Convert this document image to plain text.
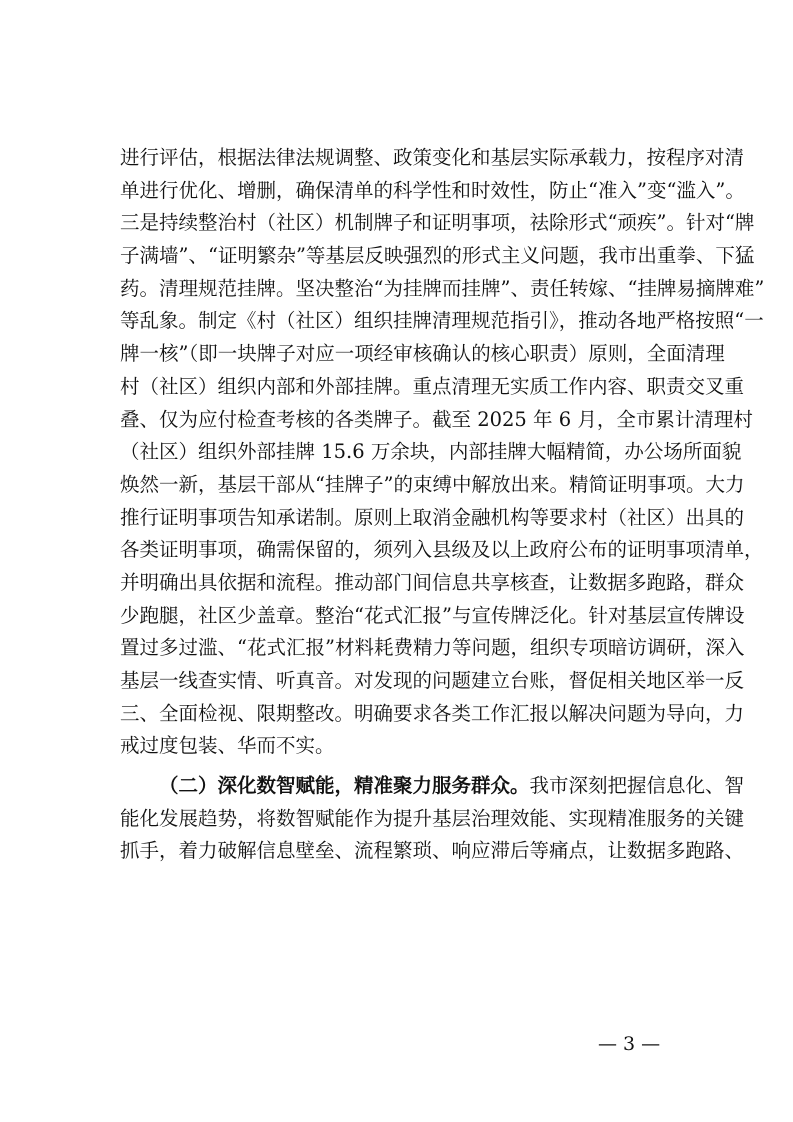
进行评估，根据法律法规调整、政策变化和基层实际承载力，按程序对清
单进行优化、增删，确保清单的科学性和时效性，防止“准入”变“滥入”。
三是持续整治村（社区）机制牌子和证明事项，祛除形式“顽疾”。针对“牌
子满墙”、“证明繁杂”等基层反映强烈的形式主义问题，我市出重拳、下猛
药。清理规范挂牌。坚决整治“为挂牌而挂牌”、责任转嫁、“挂牌易摘牌难”
等乱象。制定《村（社区）组织挂牌清理规范指引》，推动各地严格按照“一
牌一核”（即一块牌子对应一项经审核确认的核心职责）原则，全面清理
村（社区）组织内部和外部挂牌。重点清理无实质工作内容、职责交叉重
叠、仅为应付检查考核的各类牌子。截至 2025 年 6 月，全市累计清理村
（社区）组织外部挂牌 15.6 万余块，内部挂牌大幅精简，办公场所面貌
焕然一新，基层干部从“挂牌子”的束缚中解放出来。精简证明事项。大力
推行证明事项告知承诺制。原则上取消金融机构等要求村（社区）出具的
各类证明事项，确需保留的，须列入县级及以上政府公布的证明事项清单，
并明确出具依据和流程。推动部门间信息共享核查，让数据多跑路，群众
少跑腿，社区少盖章。整治“花式汇报”与宣传牌泛化。针对基层宣传牌设
置过多过滥、“花式汇报”材料耗费精力等问题，组织专项暗访调研，深入
基层一线查实情、听真音。对发现的问题建立台账，督促相关地区举一反
三、全面检视、限期整改。明确要求各类工作汇报以解决问题为导向，力
戒过度包装、华而不实。
（二）深化数智赋能，精准聚力服务群众。我市深刻把握信息化、智
能化发展趋势，将数智赋能作为提升基层治理效能、实现精准服务的关键
抓手，着力破解信息壁垒、流程繁琐、响应滞后等痛点，让数据多跑路、
— 3 —
